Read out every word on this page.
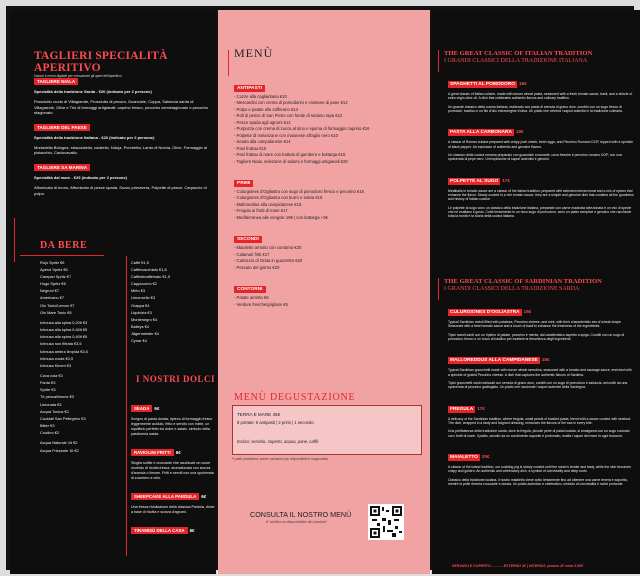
TAGLIERI SPECIALITÀ APERITIVO
Vassoi e menù digitale per consumare gli aperi dell'aperitivo
TAGLIERE NIALA
Specialità della tradizione Sarda - €20 (indicato per 2 persone)
Prosciutto crudo di Villagrande, Prosciutto di pecora, Guanciale, Coppa, Salsiccia sarda di Villagrande, Olive e Tris di formaggi artigianali: caprino fresco, pecorino semistagionato e pecorino stagionato.
TAGLIERE DEL PAESE
Specialità della tradizione Italiana - €20 (indicato per 2 persone)
Mortadella Bologna, stracciatella, culatello, Nduja, Porchetta, Lardo di Norcia, Olive, Formaggio al pistacchio, Caciocavallo.
TAGLIERE SA MARINA
Specialità dal mare - €25 (indicato per 2 persone)
Affumicato di tonno, Affumicato di pesce spada, Suzzu primavera, Polpette di pesce, Carpaccio di polpo.
DA BERE
Rojo Spritz €6
Aperol Spritz €5
Campari Spritz €7
Hugo Spritz €6
Negroni €7
Americano €7
Gin Tonic/Lemon €7
Gin Mare Tonic €8
Ichnusa alla spina 0,20lt €3
Ichnusa alla spina 0,40lt €5
Ichnusa alla spina 0,40lt €5
Ichnusa non filtrata €3,5
Ichnusa ambra limpida €3,5
Ichnusa cruda €3,5
Ichnusa Kimeri €3
Coca cola €3
Fanta €3
Sprite €3
Tè pesca/limone €3
Limonata €3
Acqua Tonica €3
Cocktail San Pellegrino €3
Bitter €3
Crodino €2
Acqua Naturale 1lt €2
Acqua Frizzante 1lt €2
Caffè €1,5
Caffèmacchiato €1,8
Caffèdecaffeinato €1,5
Cappuccino €2
Mirto €3
Limoncello €3
Grappa €4
Liquirizia €3
Montenegro €4
Baileys €4
Jägermeister €4
Cynar €4
I NOSTRI DOLCI
SEADA 6€
Scrigno di pasta dorata, ripieno di formaggio fresco leggermente acidulo, fritto e servito con miele, un equilibrio perfetto tra dolce e salato, simbolo della pasticceria sarda.
RAVIOLINI FRITTI 6€
Sfoglia sottile e croccante che racchiude un cuore morbido di ricotta fresca, aromatizzata con scorza d'arancia o limone. Fritti e serviti con una spolverata di zucchero a velo.
SHEEPCAKE ALLA PARDULA 6€
Una fresca rivisitazione della classica Pardula, dolce a base di ricotta e scorza d'agrumi.
TIRAMISÙ DELLA CASA 6€
MENÙ
ANTIPASTI
- Cozze alla cagliaritana €10
- Mescardini con crema di pomodorini e crostone di pane €12
- Polpo e patate allo zafferano €14
- Roll di pesce di San Pietro con fonde di sedano rapa €12
- Pesce spada agli agrumi €12
- Purpuzza con crema di zucca al timo e spuma di formaggio caprino €16
- Polpette di melanzane con maionese all'aglio nero €10
- Seada alla campidanese €14
- Pani fruttau €10
- Pani frattau di mare con battuta di gambero e bottarga €15
- Tagliere Niala, selezione di salumi e formaggi artigianali €20
PRIMI
- Culurgiones d'Ogliastra con sugo di pomodoro fresco e pecorino €16
- Culurgiones d'Ogliastra con burro e salvia €16
- Malloreddus alla campidanese €15
- Fregula ai frutti di mare €17
- Mediterranea alle vongole 19€ | con bottarga +3€
SECONDI
- Maialetto arrosto con contorno €20
- Calamari fritti €17
- Cartoccio di Orata in guazzetto €20
- Pescato del giorno €20
CONTORNI
- Patate arrosto €5
- Verdure fresche/grigliate €5
MENÙ DEGUSTAZIONE
TERRA E MARE 45€
8 portate: 5 antipasti | 2 primi | 1 secondo
Inclusi: servizio, coperto, acqua, pane, caffè
*I piatti potrebbero subire variazioni per disponibilità e stagionalità
CONSULTA IL NOSTRO MENÙ
E verifica la disponibilità dei prodotti
THE GREAT CLASSIC OF ITALIAN TRADITION
I GRANDI CLASSICI DELLA TRADIZIONE ITALIANA
SPAGHETTI AL POMODORO 16€
A great classic of Italian cuisine, made with durum wheat pasta, seasoned with a fresh tomato sauce, basil, and a drizzle of extra virgin olive oil. A dish that celebrates authentic flavors and culinary tradition.
Un grande classico della cucina italiana, realizzato con pasta di semola di grano duro, condito con un sugo fresco di pomodori, basilico e un filo d'olio extravergine d'oliva. Un piatto che celebra i sapori autentici e la tradizione culinaria.
PASTA ALLA CARBONARA 19€
A classic of Roman cuisine prepared with crispy pork cheek, fresh eggs, and Pecorino Romano DOP, topped with a sprinkle of black pepper. An explosion of authentic and genuine flavors.
Un classico della cucina romana preparato con guanciale croccante, uova fresche e pecorino romano DOP, con una spolverata di pepe nero. Un'esplosione di sapori autentici e genuini.
POLPETTE AL SUGO 17€
Meatballs in tomato sauce are a classic of the Italian tradition, prepared with selected minced meat and a mix of spices that enhance the flavor. Slowly cooked in a rich tomato sauce, they are a simple and genuine dish that contains all the goodness and history of Italian cuisine.
Le polpette al sugo sono un classico della tradizione italiana, preparate con carne macinata selezionata e un mix di spezie che ne esaltano il gusto. Cotte lentamente in un ricco sugo di pomodoro, sono un piatto semplice e genuino che racchiude tutta la bontà e la storia della cucina italiana.
THE GREAT CLASSIC OF SARDINIAN TRADITION
I GRANDI CLASSICI DELLA TRADIZIONE SARDA
CULURGIONES D'OGLIASTRA 16€
Typical Sardinian ravioli filled with potatoes, Pecorino cheese, and mint, with their characteristic ear of wheat shape. Seasoned with a fresh tomato sauce and a touch of basil to enhance the freshness of the ingredients.
Tipici ravioli sardi con un ripieno di patate, pecorino e menta, dal caratteristico aspetto a spiga. Conditi con un sugo di pomodoro fresco e un tocco di basilico per esaltare la freschezza degli ingredienti.
MALLOREDDUS ALLA CAMPIDANESE 15€
Typical Sardinian gnocchetti made with durum wheat semolina, seasoned with a tomato and sausage sauce, enriched with a sprinkle of grated Pecorino cheese. A dish that captures the authentic flavors of Sardinia.
Tipici gnocchetti sardi realizzati con semola di grano duro, conditi con un sugo di pomodoro e salsiccia, arricchiti da una spolverata di pecorino grattugiato. Un piatto che racchiude i sapori autentici della Sardegna.
FREGULA 17€
A delicacy of the Sardinian tradition, where fregula, small pearls of toasted pasta, blend with a sauce cooked with seafood. The dish, wrapped in a tasty and fragrant dressing, enhances the flavors of the sea in every bite.
Una prelibatezza della tradizione sarda, dove la fregula, piccole perle di pasta tostata, si amalgama con un sugo cucinato con i frutti di mare. Il piatto, avvolto da un condimento saporito e profumato, esalta i sapori del mare in ogni boccone.
MAIALETTO 20€
A classic of the island tradition, our suckling pig is slowly cooked until the meat is tender and tasty, while the skin becomes crispy and golden. An authentic and celebratory dish, a symbol of conviviality and deep roots.
Classico della tradizione isolana, il nostro maialetto viene cotto lentamente fino ad ottenere una carne tenera e saporita, mentre la pelle diventa croccante e dorata. Un piatto autentico e celebrativo, simbolo di convivialità e radici profonde.
SERVIZIO E COPERTO ——— ESTERNO 3€ | INTERNO: pranzo 2€ cena 2.50€
